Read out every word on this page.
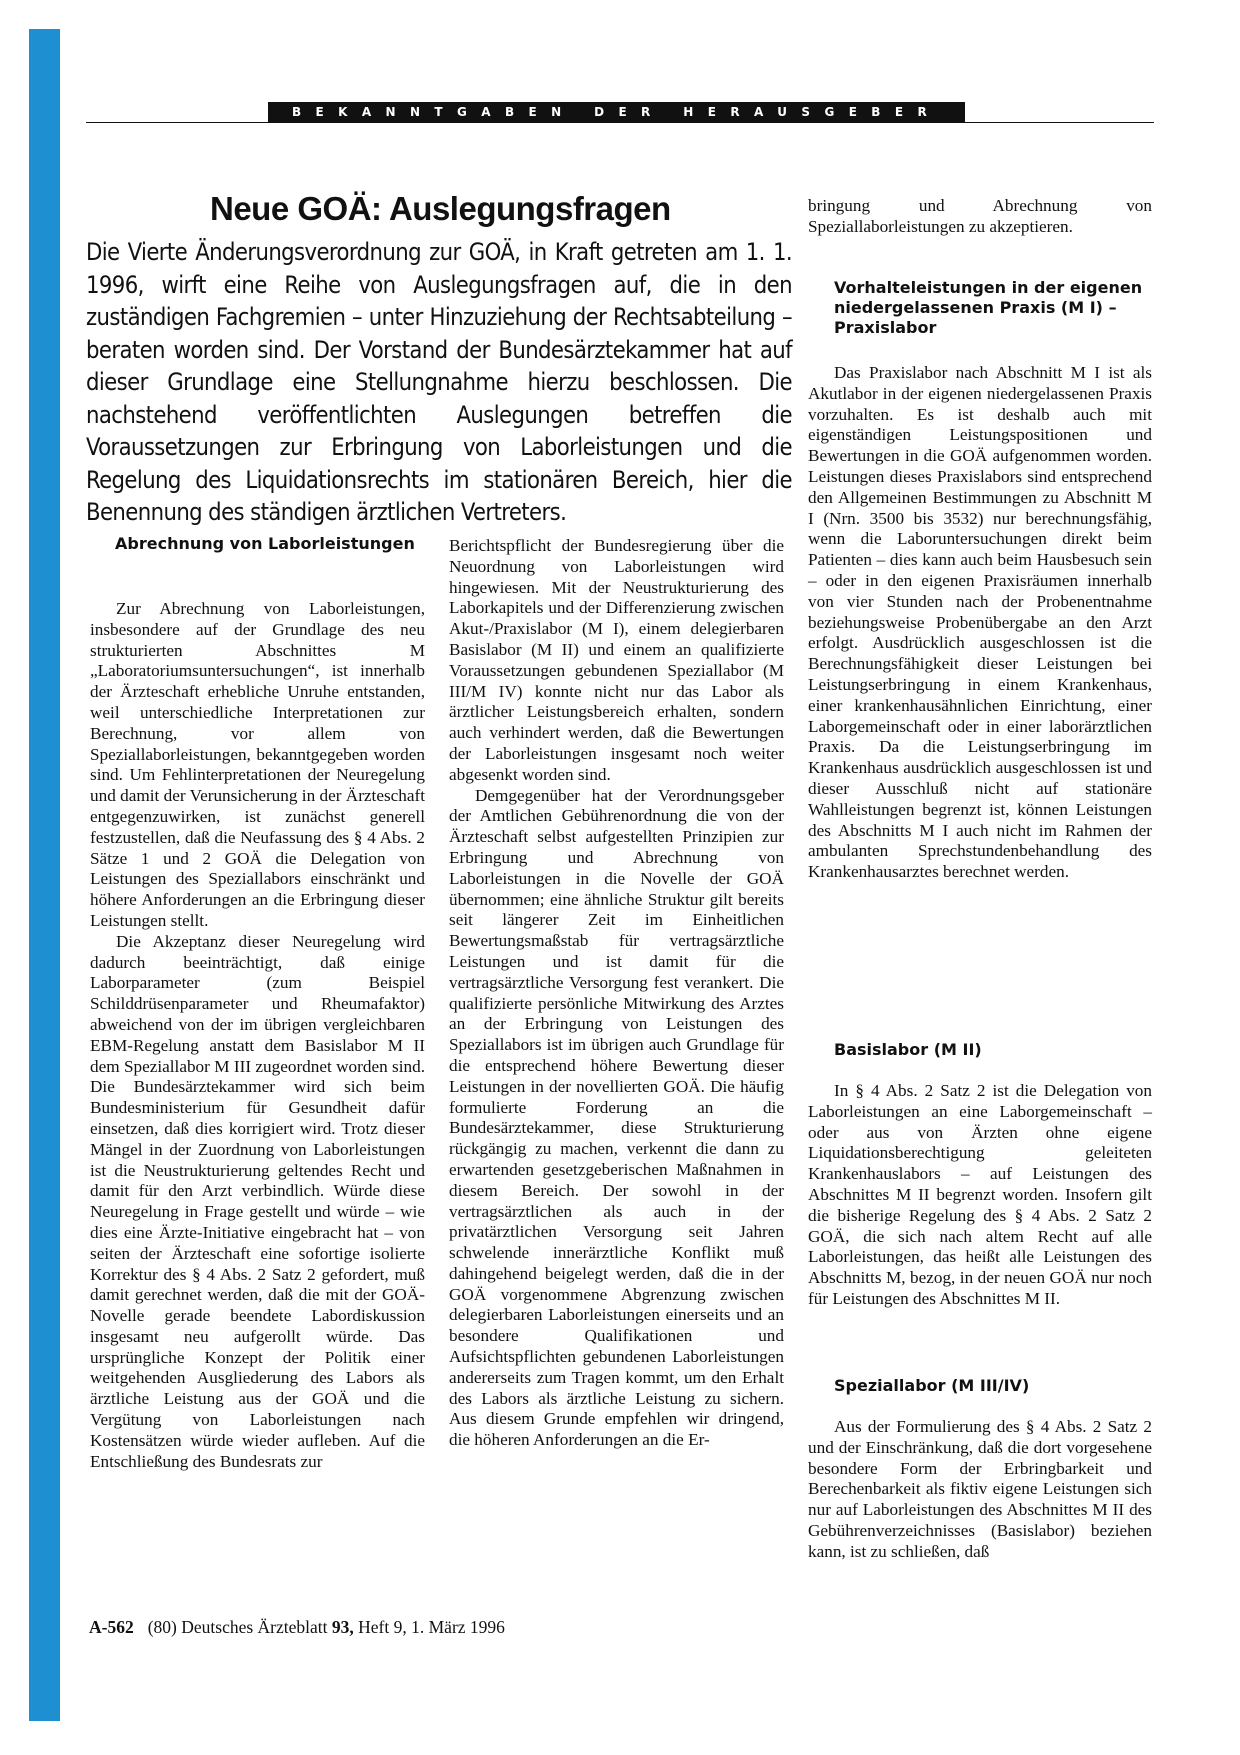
BEKANNTGABEN DER HERAUSGEBER
Neue GOÄ: Auslegungsfragen

Die Vierte Änderungsverordnung zur GOÄ, in Kraft getreten am 1. 1. 1996, wirft eine Reihe von Auslegungsfragen auf, die in den zuständigen Fachgremien – unter Hinzuziehung der Rechtsabteilung – beraten worden sind. Der Vorstand der Bundesärztekammer hat auf dieser Grundlage eine Stellungnahme hierzu beschlossen. Die nachstehend veröffentlichten Auslegungen betreffen die Voraussetzungen zur Erbringung von Laborleistungen und die Regelung des Liquidationsrechts im stationären Bereich, hier die Benennung des ständigen ärztlichen Vertreters.

Abrechnung von Laborleistungen

Zur Abrechnung von Laborleistungen, insbesondere auf der Grundlage des neu strukturierten Abschnittes M „Laboratoriumsuntersuchungen“, ist innerhalb der Ärzteschaft erhebliche Unruhe entstanden, weil unterschiedliche Interpretationen zur Berechnung, vor allem von Speziallaborleistungen, bekanntgegeben worden sind. Um Fehlinterpretationen der Neuregelung und damit der Verunsicherung in der Ärzteschaft entgegenzuwirken, ist zunächst generell festzustellen, daß die Neufassung des § 4 Abs. 2 Sätze 1 und 2 GOÄ die Delegation von Leistungen des Speziallabors einschränkt und höhere Anforderungen an die Erbringung dieser Leistungen stellt.

Die Akzeptanz dieser Neuregelung wird dadurch beeinträchtigt, daß einige Laborparameter (zum Beispiel Schilddrüsenparameter und Rheumafaktor) abweichend von der im übrigen vergleichbaren EBM-Regelung anstatt dem Basislabor M II dem Speziallabor M III zugeordnet worden sind. Die Bundesärztekammer wird sich beim Bundesministerium für Gesundheit dafür einsetzen, daß dies korrigiert wird. Trotz dieser Mängel in der Zuordnung von Laborleistungen ist die Neustrukturierung geltendes Recht und damit für den Arzt verbindlich. Würde diese Neuregelung in Frage gestellt und würde – wie dies eine Ärzte-Initiative eingebracht hat – von seiten der Ärzteschaft eine sofortige isolierte Korrektur des § 4 Abs. 2 Satz 2 gefordert, muß damit gerechnet werden, daß die mit der GOÄ-Novelle gerade beendete Labordiskussion insgesamt neu aufgerollt würde. Das ursprüngliche Konzept der Politik einer weitgehenden Ausgliederung des Labors als ärztliche Leistung aus der GOÄ und die Vergütung von Laborleistungen nach Kostensätzen würde wieder aufleben. Auf die Entschließung des Bundesrats zur

Berichtspflicht der Bundesregierung über die Neuordnung von Laborleistungen wird hingewiesen. Mit der Neustrukturierung des Laborkapitels und der Differenzierung zwischen Akut-/Praxislabor (M I), einem delegierbaren Basislabor (M II) und einem an qualifizierte Voraussetzungen gebundenen Speziallabor (M III/M IV) konnte nicht nur das Labor als ärztlicher Leistungsbereich erhalten, sondern auch verhindert werden, daß die Bewertungen der Laborleistungen insgesamt noch weiter abgesenkt worden sind.

Demgegenüber hat der Verordnungsgeber der Amtlichen Gebührenordnung die von der Ärzteschaft selbst aufgestellten Prinzipien zur Erbringung und Abrechnung von Laborleistungen in die Novelle der GOÄ übernommen; eine ähnliche Struktur gilt bereits seit längerer Zeit im Einheitlichen Bewertungsmaßstab für vertragsärztliche Leistungen und ist damit für die vertragsärztliche Versorgung fest verankert. Die qualifizierte persönliche Mitwirkung des Arztes an der Erbringung von Leistungen des Speziallabors ist im übrigen auch Grundlage für die entsprechend höhere Bewertung dieser Leistungen in der novellierten GOÄ. Die häufig formulierte Forderung an die Bundesärztekammer, diese Strukturierung rückgängig zu machen, verkennt die dann zu erwartenden gesetzgeberischen Maßnahmen in diesem Bereich. Der sowohl in der vertragsärztlichen als auch in der privatärztlichen Versorgung seit Jahren schwelende innerärztliche Konflikt muß dahingehend beigelegt werden, daß die in der GOÄ vorgenommene Abgrenzung zwischen delegierbaren Laborleistungen einerseits und an besondere Qualifikationen und Aufsichtspflichten gebundenen Laborleistungen andererseits zum Tragen kommt, um den Erhalt des Labors als ärztliche Leistung zu sichern. Aus diesem Grunde empfehlen wir dringend, die höheren Anforderungen an die Er-

bringung und Abrechnung von Speziallaborleistungen zu akzeptieren.

Vorhalteleistungen in der eigenen niedergelassenen Praxis (M I) – Praxislabor

Das Praxislabor nach Abschnitt M I ist als Akutlabor in der eigenen niedergelassenen Praxis vorzuhalten. Es ist deshalb auch mit eigenständigen Leistungspositionen und Bewertungen in die GOÄ aufgenommen worden. Leistungen dieses Praxislabors sind entsprechend den Allgemeinen Bestimmungen zu Abschnitt M I (Nrn. 3500 bis 3532) nur berechnungsfähig, wenn die Laboruntersuchungen direkt beim Patienten – dies kann auch beim Hausbesuch sein – oder in den eigenen Praxisräumen innerhalb von vier Stunden nach der Probenentnahme beziehungsweise Probenübergabe an den Arzt erfolgt. Ausdrücklich ausgeschlossen ist die Berechnungsfähigkeit dieser Leistungen bei Leistungserbringung in einem Krankenhaus, einer krankenhausähnlichen Einrichtung, einer Laborgemeinschaft oder in einer laborärztlichen Praxis. Da die Leistungserbringung im Krankenhaus ausdrücklich ausgeschlossen ist und dieser Ausschluß nicht auf stationäre Wahlleistungen begrenzt ist, können Leistungen des Abschnitts M I auch nicht im Rahmen der ambulanten Sprechstundenbehandlung des Krankenhausarztes berechnet werden.

Basislabor (M II)

In § 4 Abs. 2 Satz 2 ist die Delegation von Laborleistungen an eine Laborgemeinschaft – oder aus von Ärzten ohne eigene Liquidationsberechtigung geleiteten Krankenhauslabors – auf Leistungen des Abschnittes M II begrenzt worden. Insofern gilt die bisherige Regelung des § 4 Abs. 2 Satz 2 GOÄ, die sich nach altem Recht auf alle Laborleistungen, das heißt alle Leistungen des Abschnitts M, bezog, in der neuen GOÄ nur noch für Leistungen des Abschnittes M II.

Speziallabor (M III/IV)

Aus der Formulierung des § 4 Abs. 2 Satz 2 und der Einschränkung, daß die dort vorgesehene besondere Form der Erbringbarkeit und Berechenbarkeit als fiktiv eigene Leistungen sich nur auf Laborleistungen des Abschnittes M II des Gebührenverzeichnisses (Basislabor) beziehen kann, ist zu schließen, daß

A-562 (80) Deutsches Ärzteblatt 93, Heft 9, 1. März 1996
